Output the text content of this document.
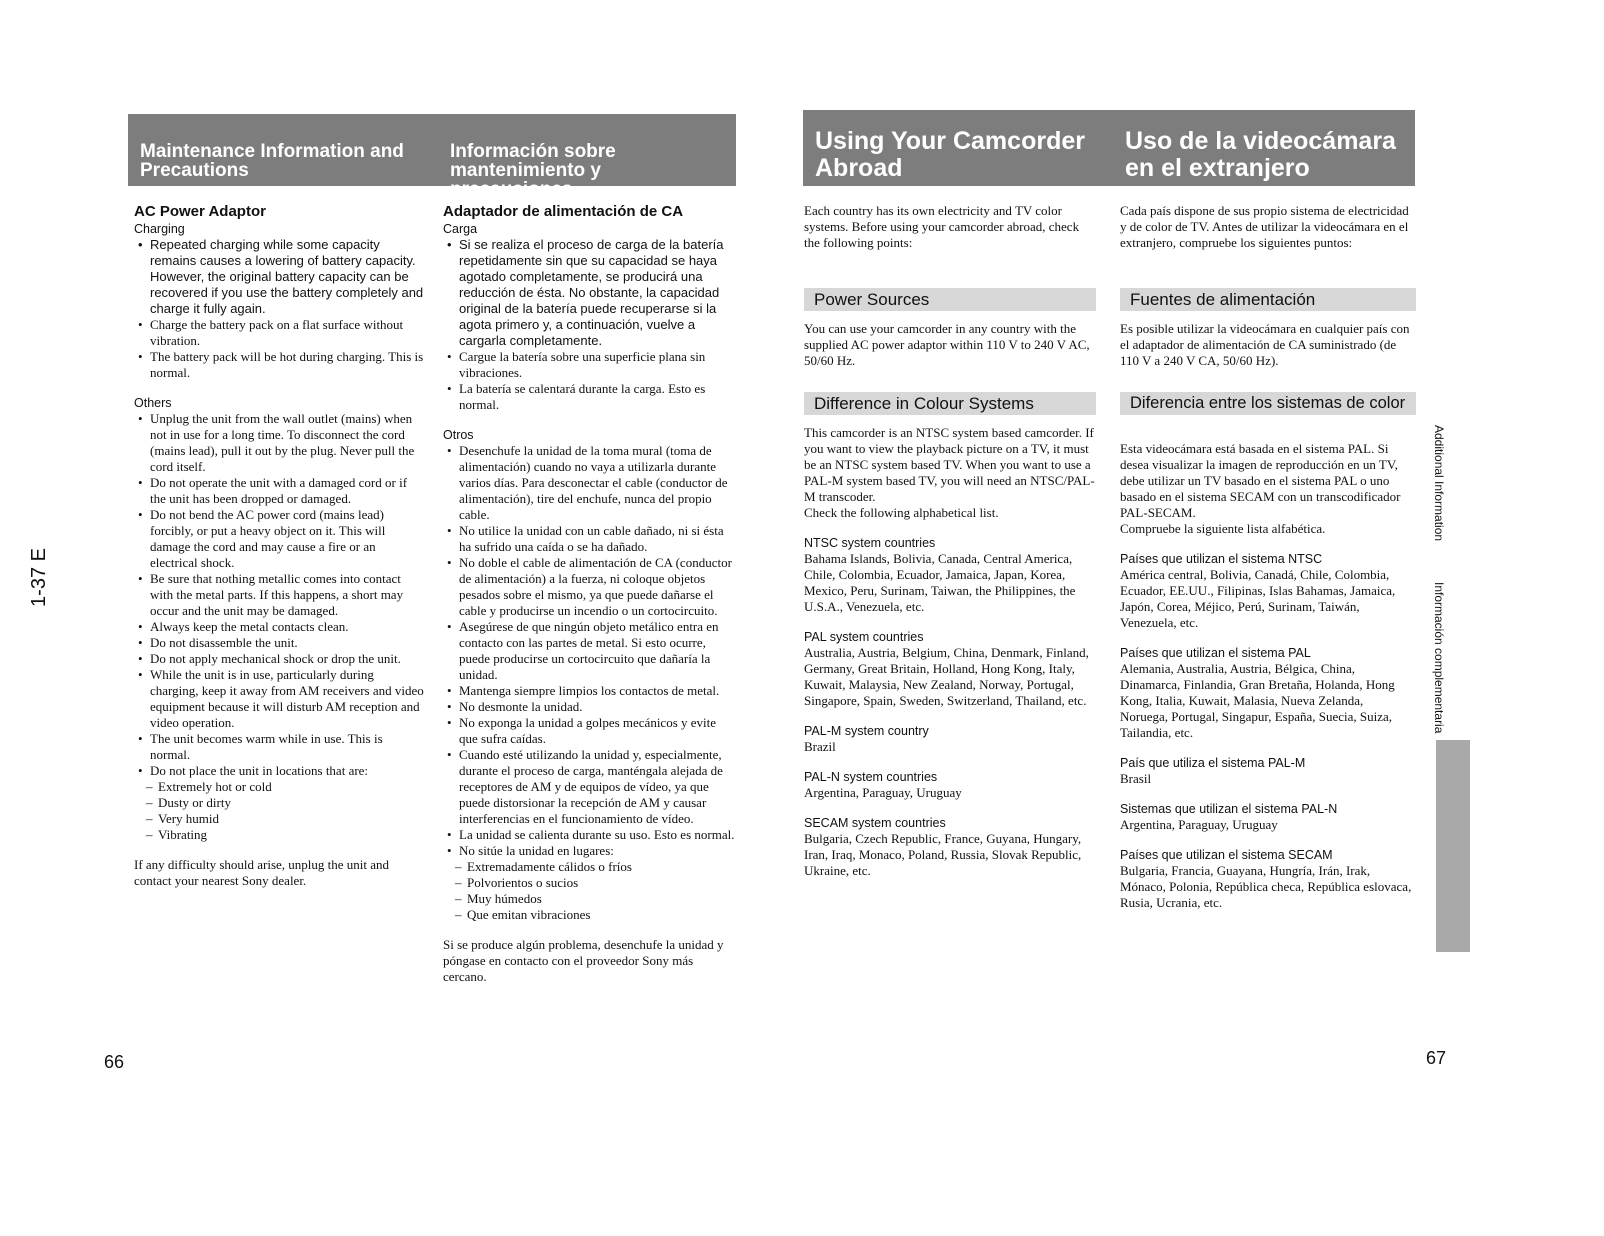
Maintenance Information and Precautions
Información sobre mantenimiento y precauciones
AC Power Adaptor
Charging
• Repeated charging while some capacity remains causes a lowering of battery capacity. However, the original battery capacity can be recovered if you use the battery completely and charge it fully again.
• Charge the battery pack on a flat surface without vibration.
• The battery pack will be hot during charging. This is normal.
Others
• Unplug the unit from the wall outlet (mains) when not in use for a long time. To disconnect the cord (mains lead), pull it out by the plug. Never pull the cord itself.
• Do not operate the unit with a damaged cord or if the unit has been dropped or damaged.
• Do not bend the AC power cord (mains lead) forcibly, or put a heavy object on it. This will damage the cord and may cause a fire or an electrical shock.
• Be sure that nothing metallic comes into contact with the metal parts. If this happens, a short may occur and the unit may be damaged.
• Always keep the metal contacts clean.
• Do not disassemble the unit.
• Do not apply mechanical shock or drop the unit.
• While the unit is in use, particularly during charging, keep it away from AM receivers and video equipment because it will disturb AM reception and video operation.
• The unit becomes warm while in use. This is normal.
• Do not place the unit in locations that are:
– Extremely hot or cold
– Dusty or dirty
– Very humid
– Vibrating
If any difficulty should arise, unplug the unit and contact your nearest Sony dealer.
Adaptador de alimentación de CA
Carga
• Si se realiza el proceso de carga de la batería repetidamente sin que su capacidad se haya agotado completamente, se producirá una reducción de ésta. No obstante, la capacidad original de la batería puede recuperarse si la agota primero y, a continuación, vuelve a cargarla completamente.
• Cargue la batería sobre una superficie plana sin vibraciones.
• La batería se calentará durante la carga. Esto es normal.
Otros
• Desenchufe la unidad de la toma mural (toma de alimentación) cuando no vaya a utilizarla durante varios días. Para desconectar el cable (conductor de alimentación), tire del enchufe, nunca del propio cable.
• No utilice la unidad con un cable dañado, ni si ésta ha sufrido una caída o se ha dañado.
• No doble el cable de alimentación de CA (conductor de alimentación) a la fuerza, ni coloque objetos pesados sobre el mismo, ya que puede dañarse el cable y producirse un incendio o un cortocircuito.
• Asegúrese de que ningún objeto metálico entra en contacto con las partes de metal. Si esto ocurre, puede producirse un cortocircuito que dañaría la unidad.
• Mantenga siempre limpios los contactos de metal.
• No desmonte la unidad.
• No exponga la unidad a golpes mecánicos y evite que sufra caídas.
• Cuando esté utilizando la unidad y, especialmente, durante el proceso de carga, manténgala alejada de receptores de AM y de equipos de vídeo, ya que puede distorsionar la recepción de AM y causar interferencias en el funcionamiento de vídeo.
• La unidad se calienta durante su uso. Esto es normal.
• No sitúe la unidad en lugares:
– Extremadamente cálidos o fríos
– Polvorientos o sucios
– Muy húmedos
– Que emitan vibraciones
Si se produce algún problema, desenchufe la unidad y póngase en contacto con el proveedor Sony más cercano.
66
1-37 E
Using Your Camcorder Abroad
Uso de la videocámara en el extranjero
Each country has its own electricity and TV color systems. Before using your camcorder abroad, check the following points:
Power Sources
You can use your camcorder in any country with the supplied AC power adaptor within 110 V to 240 V AC, 50/60 Hz.
Difference in Colour Systems
This camcorder is an NTSC system based camcorder. If you want to view the playback picture on a TV, it must be an NTSC system based TV. When you want to use a PAL-M system based TV, you will need an NTSC/PAL-M transcoder.
Check the following alphabetical list.
NTSC system countries
Bahama Islands, Bolivia, Canada, Central America, Chile, Colombia, Ecuador, Jamaica, Japan, Korea, Mexico, Peru, Surinam, Taiwan, the Philippines, the U.S.A., Venezuela, etc.
PAL system countries
Australia, Austria, Belgium, China, Denmark, Finland, Germany, Great Britain, Holland, Hong Kong, Italy, Kuwait, Malaysia, New Zealand, Norway, Portugal, Singapore, Spain, Sweden, Switzerland, Thailand, etc.
PAL-M system country
Brazil
PAL-N system countries
Argentina, Paraguay, Uruguay
SECAM system countries
Bulgaria, Czech Republic, France, Guyana, Hungary, Iran, Iraq, Monaco, Poland, Russia, Slovak Republic, Ukraine, etc.
Cada país dispone de sus propio sistema de electricidad y de color de TV. Antes de utilizar la videocámara en el extranjero, compruebe los siguientes puntos:
Fuentes de alimentación
Es posible utilizar la videocámara en cualquier país con el adaptador de alimentación de CA suministrado (de 110 V a 240 V CA, 50/60 Hz).
Diferencia entre los sistemas de color
Esta videocámara está basada en el sistema PAL. Si desea visualizar la imagen de reproducción en un TV, debe utilizar un TV basado en el sistema PAL o uno basado en el sistema SECAM con un transcodificador PAL-SECAM.
Compruebe la siguiente lista alfabética.
Países que utilizan el sistema NTSC
América central, Bolivia, Canadá, Chile, Colombia, Ecuador, EE.UU., Filipinas, Islas Bahamas, Jamaica, Japón, Corea, Méjico, Perú, Surinam, Taiwán, Venezuela, etc.
Países que utilizan el sistema PAL
Alemania, Australia, Austria, Bélgica, China, Dinamarca, Finlandia, Gran Bretaña, Holanda, Hong Kong, Italia, Kuwait, Malasia, Nueva Zelanda, Noruega, Portugal, Singapur, España, Suecia, Suiza, Tailandia, etc.
País que utiliza el sistema PAL-M
Brasil
Sistemas que utilizan el sistema PAL-N
Argentina, Paraguay, Uruguay
Países que utilizan el sistema SECAM
Bulgaria, Francia, Guayana, Hungría, Irán, Irak, Mónaco, Polonia, República checa, República eslovaca, Rusia, Ucrania, etc.
Additional Information
Información complementaria
67
